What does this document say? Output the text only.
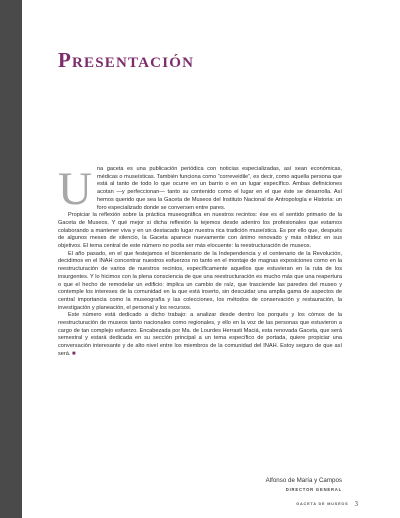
Presentación

Una gaceta es una publicación periódica con noticias especializadas, así sean económicas, médicas o museísticas. También funciona como “correveidile”, es decir, como aquella persona que está al tanto de todo lo que ocurre en un barrio o en un lugar específico. Ambas definiciones acotan —y perfeccionan— tanto su contenido como el lugar en el que éste se desarrolla. Así hemos querido que sea la Gaceta de Museos del Instituto Nacional de Antropología e Historia: un foro especializado donde se conversen entre pares.

Propiciar la reflexión sobre la práctica museográfica en nuestros recintos: ése es el sentido primario de la Gaceta de Museos. Y qué mejor si dicha reflexión la tejemos desde adentro los profesionales que estamos colaborando a mantener viva y en un destacado lugar nuestra rica tradición museística. Es por ello que, después de algunos meses de silencio, la Gaceta aparece nuevamente con ánimo renovado y más nítidez en sus objetivos. El tema central de este número no podía ser más elocuente: la reestructuración de museos.

El año pasado, en el que festejamos el bicentenario de la Independencia y el centenario de la Revolución, decidimos en el INAH concentrar nuestros esfuerzos no tanto en el montaje de magnas exposiciones como en la reestructuración de varios de nuestros recintos, específicamente aquellos que estuvieran en la ruta de los insurgentes. Y lo hicimos con la plena consciencia de que una reestructuración es mucho más que una reapertura o que el hecho de remodelar un edificio: implica un cambio de raíz, que trasciende las paredes del museo y contemple los intereses de la comunidad en la que está inserto, sin descuidar una amplia gama de aspectos de central importancia como la museografía y las colecciones, los métodos de conservación y restauración, la investigación y planeación, el personal y los recursos.

Este número está dedicado a dicho trabajo: a analizar desde dentro los porqués y los cómos de la reestructuración de museos tanto nacionales como regionales, y ello en la voz de las personas que estuvieron a cargo de tan complejo esfuerzo. Encabezada por Ma. de Lourdes Herrasti Maciá, esta renovada Gaceta, que será semestral y estará dedicada en su sección principal a un tema específico de portada, quiere propiciar una conversación interesante y de alto nivel entre los miembros de la comunidad del INAH. Estoy seguro de que así será. ■

Alfonso de María y Campos
DIRECTOR GENERAL
GACETA DE MUSEOS 3
